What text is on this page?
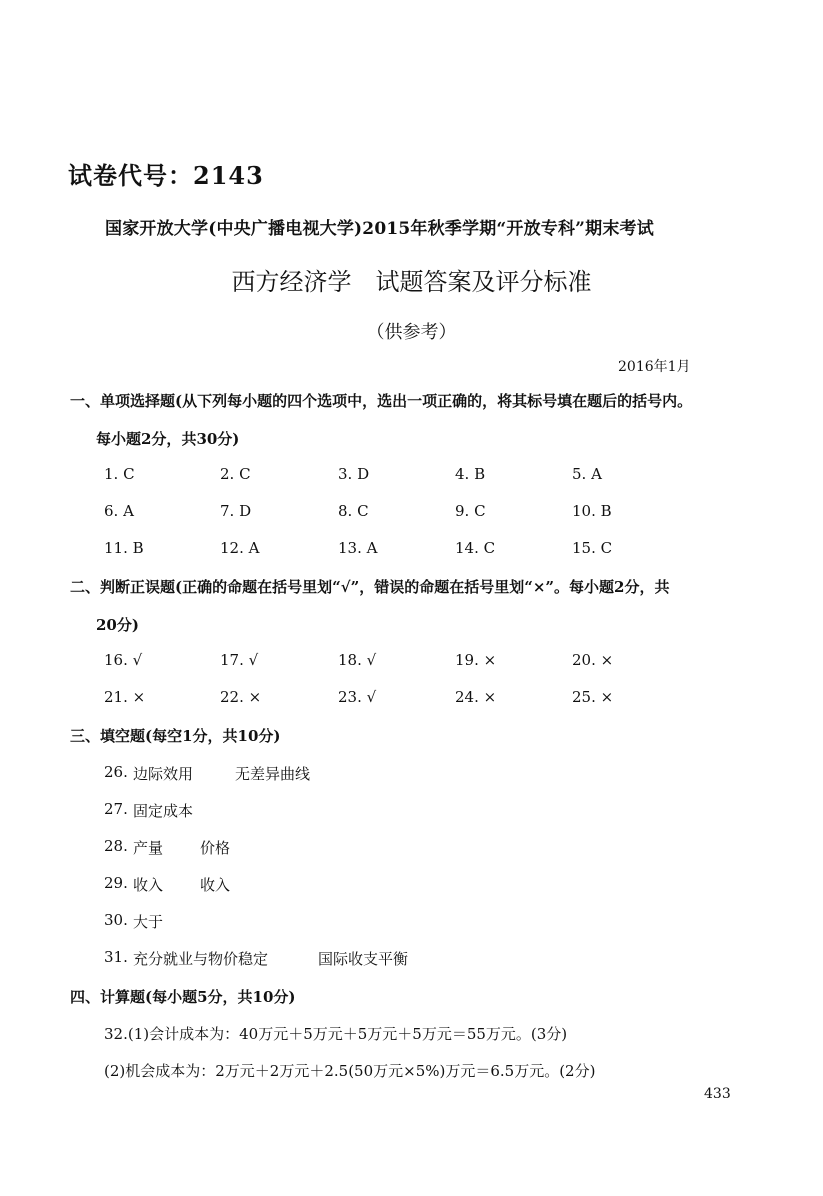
试卷代号：2143
国家开放大学(中央广播电视大学)2015年秋季学期“开放专科”期末考试
西方经济学　试题答案及评分标准
（供参考）
2016年1月
一、单项选择题(从下列每小题的四个选项中，选出一项正确的，将其标号填在题后的括号内。
每小题2分，共30分)
1. C	2. C	3. D	4. B	5. A
6. A	7. D	8. C	9. C	10. B
11. B	12. A	13. A	14. C	15. C
二、判断正误题(正确的命题在括号里划“√”，错误的命题在括号里划“×”。每小题2分，共
20分)
16. √	17. √	18. √	19. ×	20. ×
21. ×	22. ×	23. √	24. ×	25. ×
三、填空题(每空1分，共10分)
26. 边际效用	无差异曲线
27. 固定成本
28. 产量 价格
29. 收入 收入
30. 大于
31. 充分就业与物价稳定	国际收支平衡
四、计算题(每小题5分，共10分)
32.(1)会计成本为：40万元＋5万元＋5万元＋5万元＝55万元。(3分)
(2)机会成本为：2万元＋2万元＋2.5(50万元×5%)万元＝6.5万元。(2分)
433
